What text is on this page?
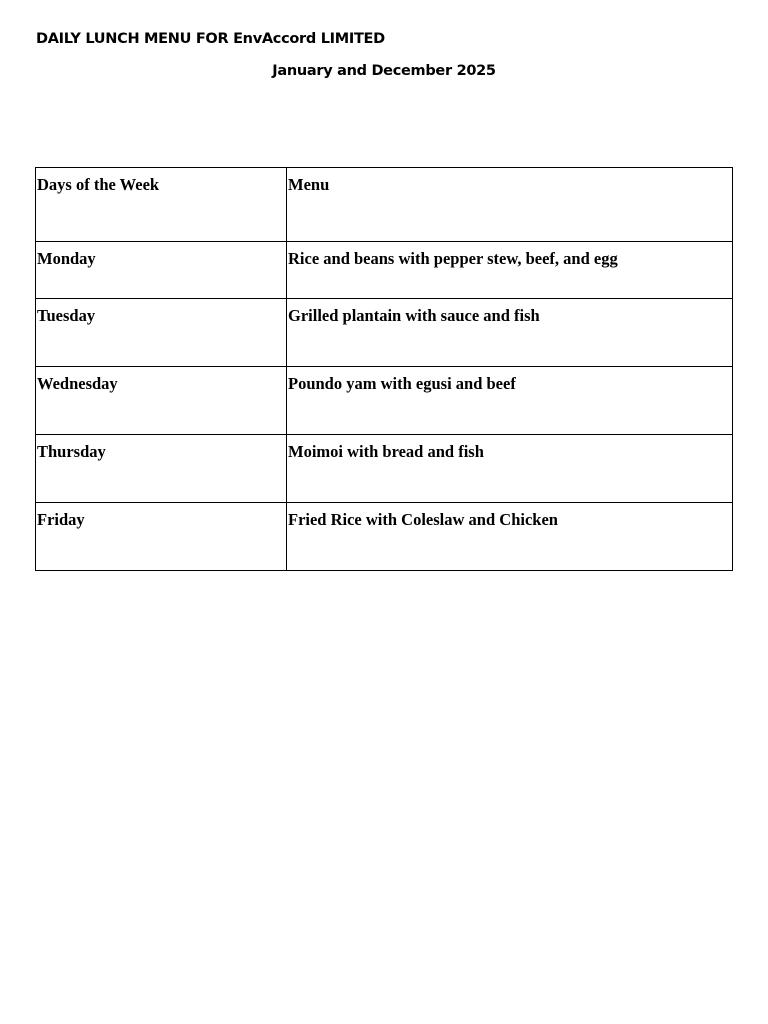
DAILY LUNCH MENU FOR EnvAccord LIMITED
January and December 2025
Days of the Week	Menu
Monday	Rice and beans with pepper stew, beef, and egg
Tuesday	Grilled plantain with sauce and fish
Wednesday	Poundo yam with egusi and beef
Thursday	Moimoi with bread and fish
Friday	Fried Rice with Coleslaw and Chicken
